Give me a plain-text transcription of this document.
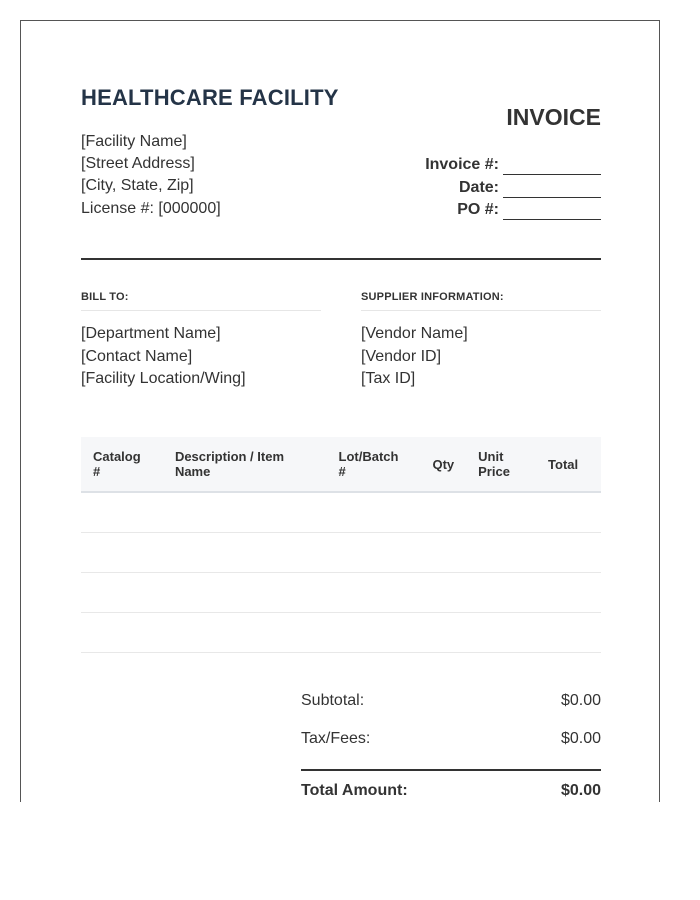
HEALTHCARE FACILITY
[Facility Name]
[Street Address]
[City, State, Zip]
License #: [000000]
INVOICE
Invoice #:
Date:
PO #:
BILL TO:	SUPPLIER INFORMATION:
[Department Name]
[Contact Name]
[Facility Location/Wing]
[Vendor Name]
[Vendor ID]
[Tax ID]
Catalog #	Description / Item Name	Lot/Batch #	Qty	Unit Price	Total

Subtotal:	$0.00
Tax/Fees:	$0.00
Total Amount:	$0.00
